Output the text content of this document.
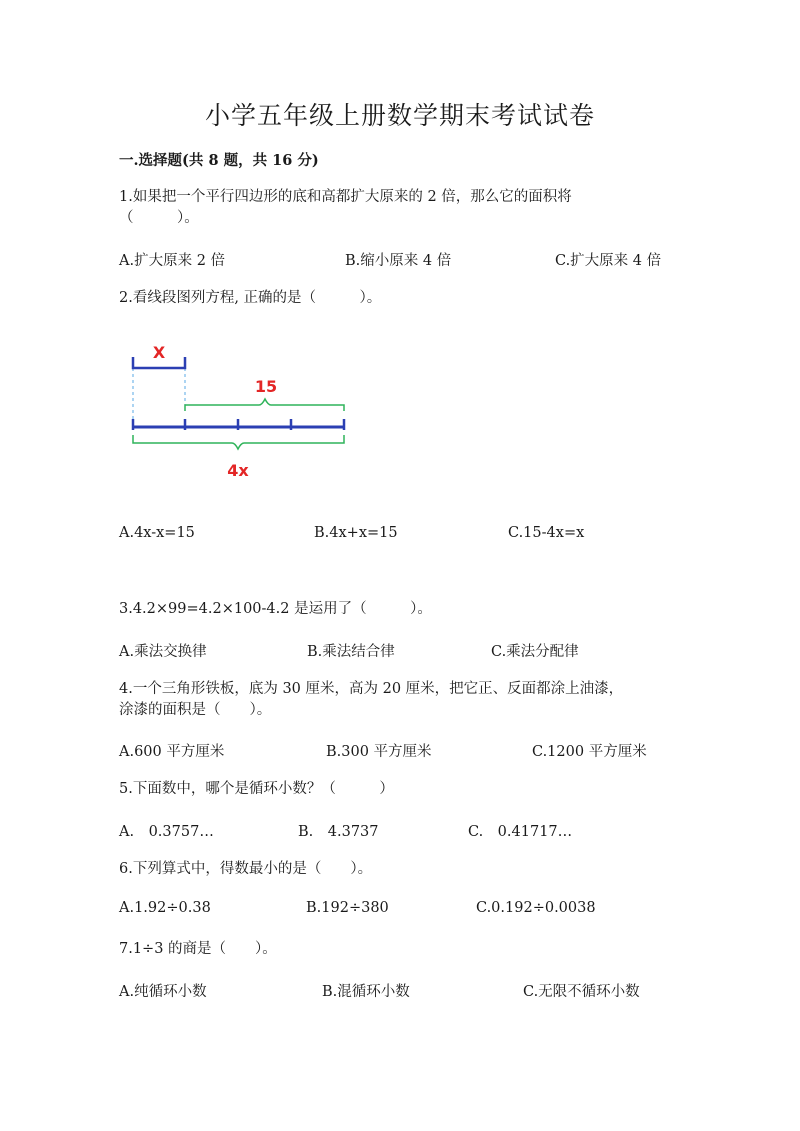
小学五年级上册数学期末考试试卷
一.选择题(共 8 题，共 16 分)
1.如果把一个平行四边形的底和高都扩大原来的 2 倍，那么它的面积将
（　　　）。
A.扩大原来 2 倍	B.缩小原来 4 倍	C.扩大原来 4 倍
2.看线段图列方程, 正确的是（　　　）。
X
15
4x
A.4x-x=15	B.4x+x=15	C.15-4x=x
3.4.2×99=4.2×100-4.2 是运用了（　　　）。
A.乘法交换律	B.乘法结合律	C.乘法分配律
4.一个三角形铁板，底为 30 厘米，高为 20 厘米，把它正、反面都涂上油漆，
涂漆的面积是（　　）。
A.600 平方厘米	B.300 平方厘米	C.1200 平方厘米
5.下面数中，哪个是循环小数？（　　　）
A.　0.3757…	B.　4.3737	C.　0.41717…
6.下列算式中，得数最小的是（　　）。
A.1.92÷0.38	B.192÷380	C.0.192÷0.0038
7.1÷3 的商是（　　）。
A.纯循环小数	B.混循环小数	C.无限不循环小数
